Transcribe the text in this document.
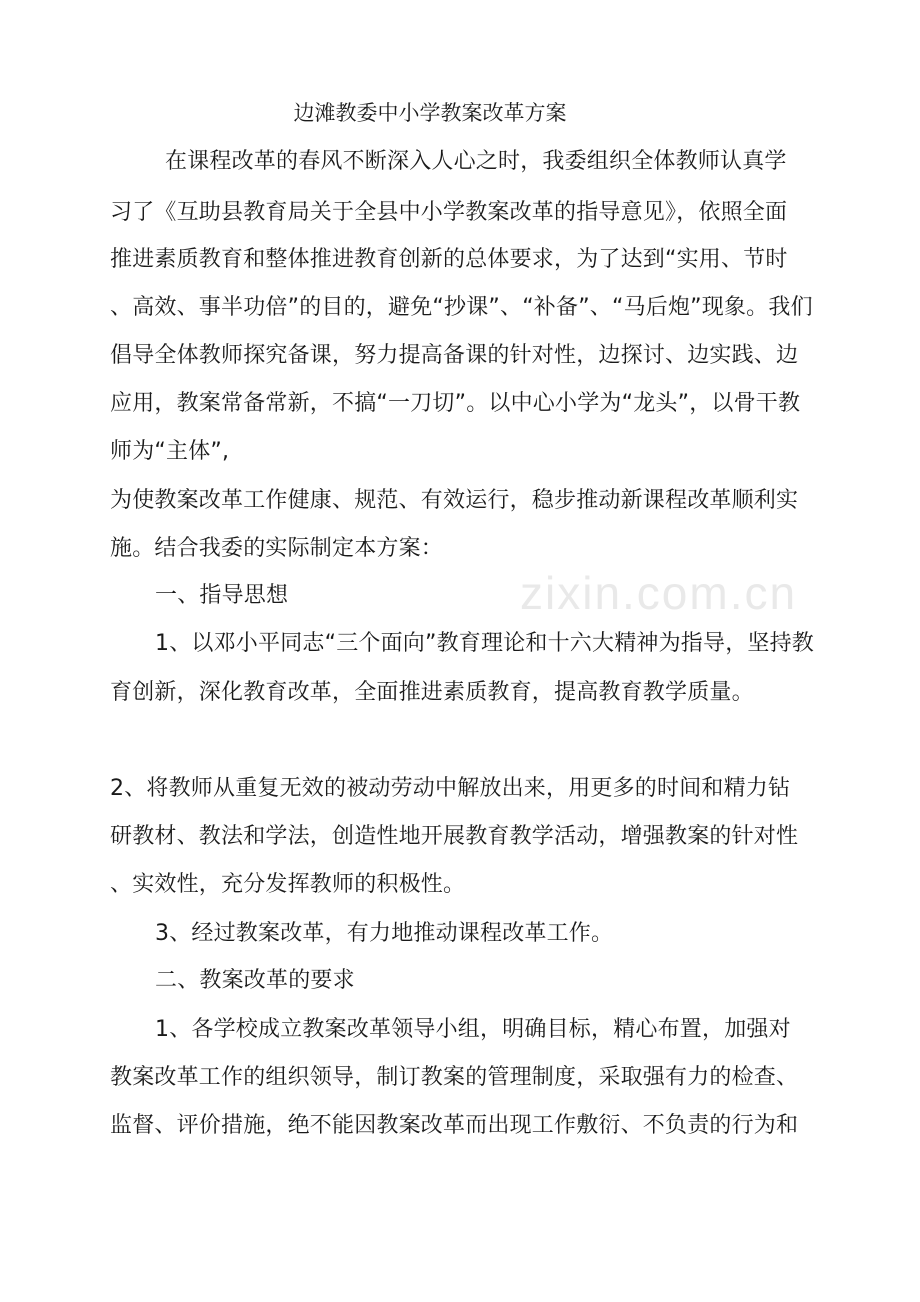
zixin.com.cn
边滩教委中小学教案改革方案
在课程改革的春风不断深入人心之时，我委组织全体教师认真学
习了《互助县教育局关于全县中小学教案改革的指导意见》，依照全面
推进素质教育和整体推进教育创新的总体要求，为了达到“实用、节时
、高效、事半功倍”的目的，避免“抄课”、“补备”、“马后炮”现象。我们
倡导全体教师探究备课，努力提高备课的针对性，边探讨、边实践、边
应用，教案常备常新，不搞“一刀切”。以中心小学为“龙头”，以骨干教
师为“主体”,
为使教案改革工作健康、规范、有效运行，稳步推动新课程改革顺利实
施。结合我委的实际制定本方案：
一、指导思想
1、以邓小平同志“三个面向”教育理论和十六大精神为指导，坚持教
育创新，深化教育改革，全面推进素质教育，提高教育教学质量。
2、将教师从重复无效的被动劳动中解放出来，用更多的时间和精力钻
研教材、教法和学法，创造性地开展教育教学活动，增强教案的针对性
、实效性，充分发挥教师的积极性。
3、经过教案改革，有力地推动课程改革工作。
二、教案改革的要求
1、各学校成立教案改革领导小组，明确目标，精心布置，加强对
教案改革工作的组织领导，制订教案的管理制度，采取强有力的检查、
监督、评价措施，绝不能因教案改革而出现工作敷衍、不负责的行为和
